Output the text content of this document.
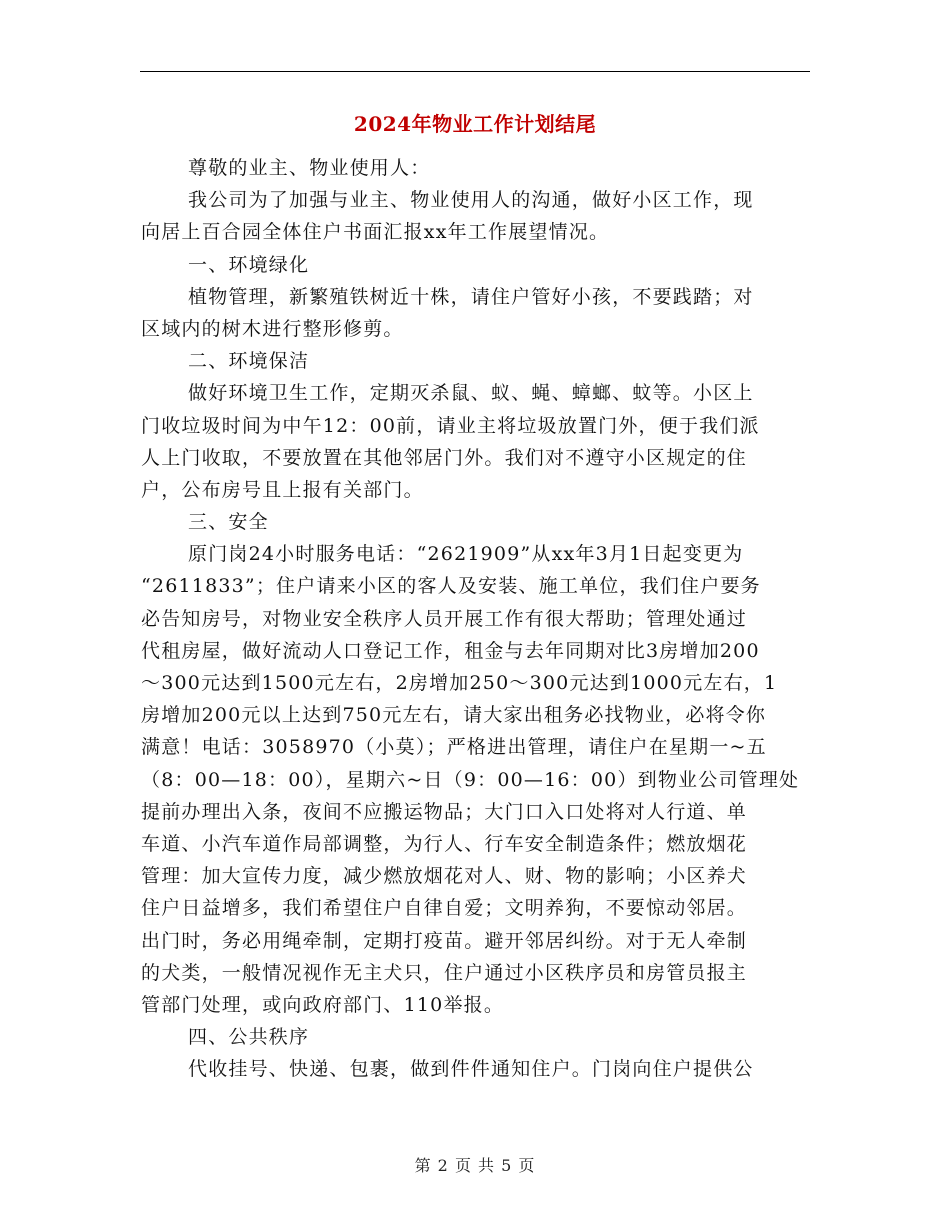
2024年物业工作计划结尾
尊敬的业主、物业使用人：
我公司为了加强与业主、物业使用人的沟通，做好小区工作，现
向居上百合园全体住户书面汇报xx年工作展望情况。
一、环境绿化
植物管理，新繁殖铁树近十株，请住户管好小孩，不要践踏；对
区域内的树木进行整形修剪。
二、环境保洁
做好环境卫生工作，定期灭杀鼠、蚁、蝇、蟑螂、蚊等。小区上
门收垃圾时间为中午12：00前，请业主将垃圾放置门外，便于我们派
人上门收取，不要放置在其他邻居门外。我们对不遵守小区规定的住
户，公布房号且上报有关部门。
三、安全
原门岗24小时服务电话：“2621909”从xx年3月1日起变更为
“2611833”；住户请来小区的客人及安装、施工单位，我们住户要务
必告知房号，对物业安全秩序人员开展工作有很大帮助；管理处通过
代租房屋，做好流动人口登记工作，租金与去年同期对比3房增加200
～300元达到1500元左右，2房增加250～300元达到1000元左右，1
房增加200元以上达到750元左右，请大家出租务必找物业，必将令你
满意！电话：3058970（小莫）；严格进出管理，请住户在星期一~五
（8：00—18：00），星期六~日（9：00—16：00）到物业公司管理处
提前办理出入条，夜间不应搬运物品；大门口入口处将对人行道、单
车道、小汽车道作局部调整，为行人、行车安全制造条件；燃放烟花
管理：加大宣传力度，减少燃放烟花对人、财、物的影响；小区养犬
住户日益增多，我们希望住户自律自爱；文明养狗，不要惊动邻居。
出门时，务必用绳牵制，定期打疫苗。避开邻居纠纷。对于无人牵制
的犬类，一般情况视作无主犬只，住户通过小区秩序员和房管员报主
管部门处理，或向政府部门、110举报。
四、公共秩序
代收挂号、快递、包裹，做到件件通知住户。门岗向住户提供公
第 2 页 共 5 页
